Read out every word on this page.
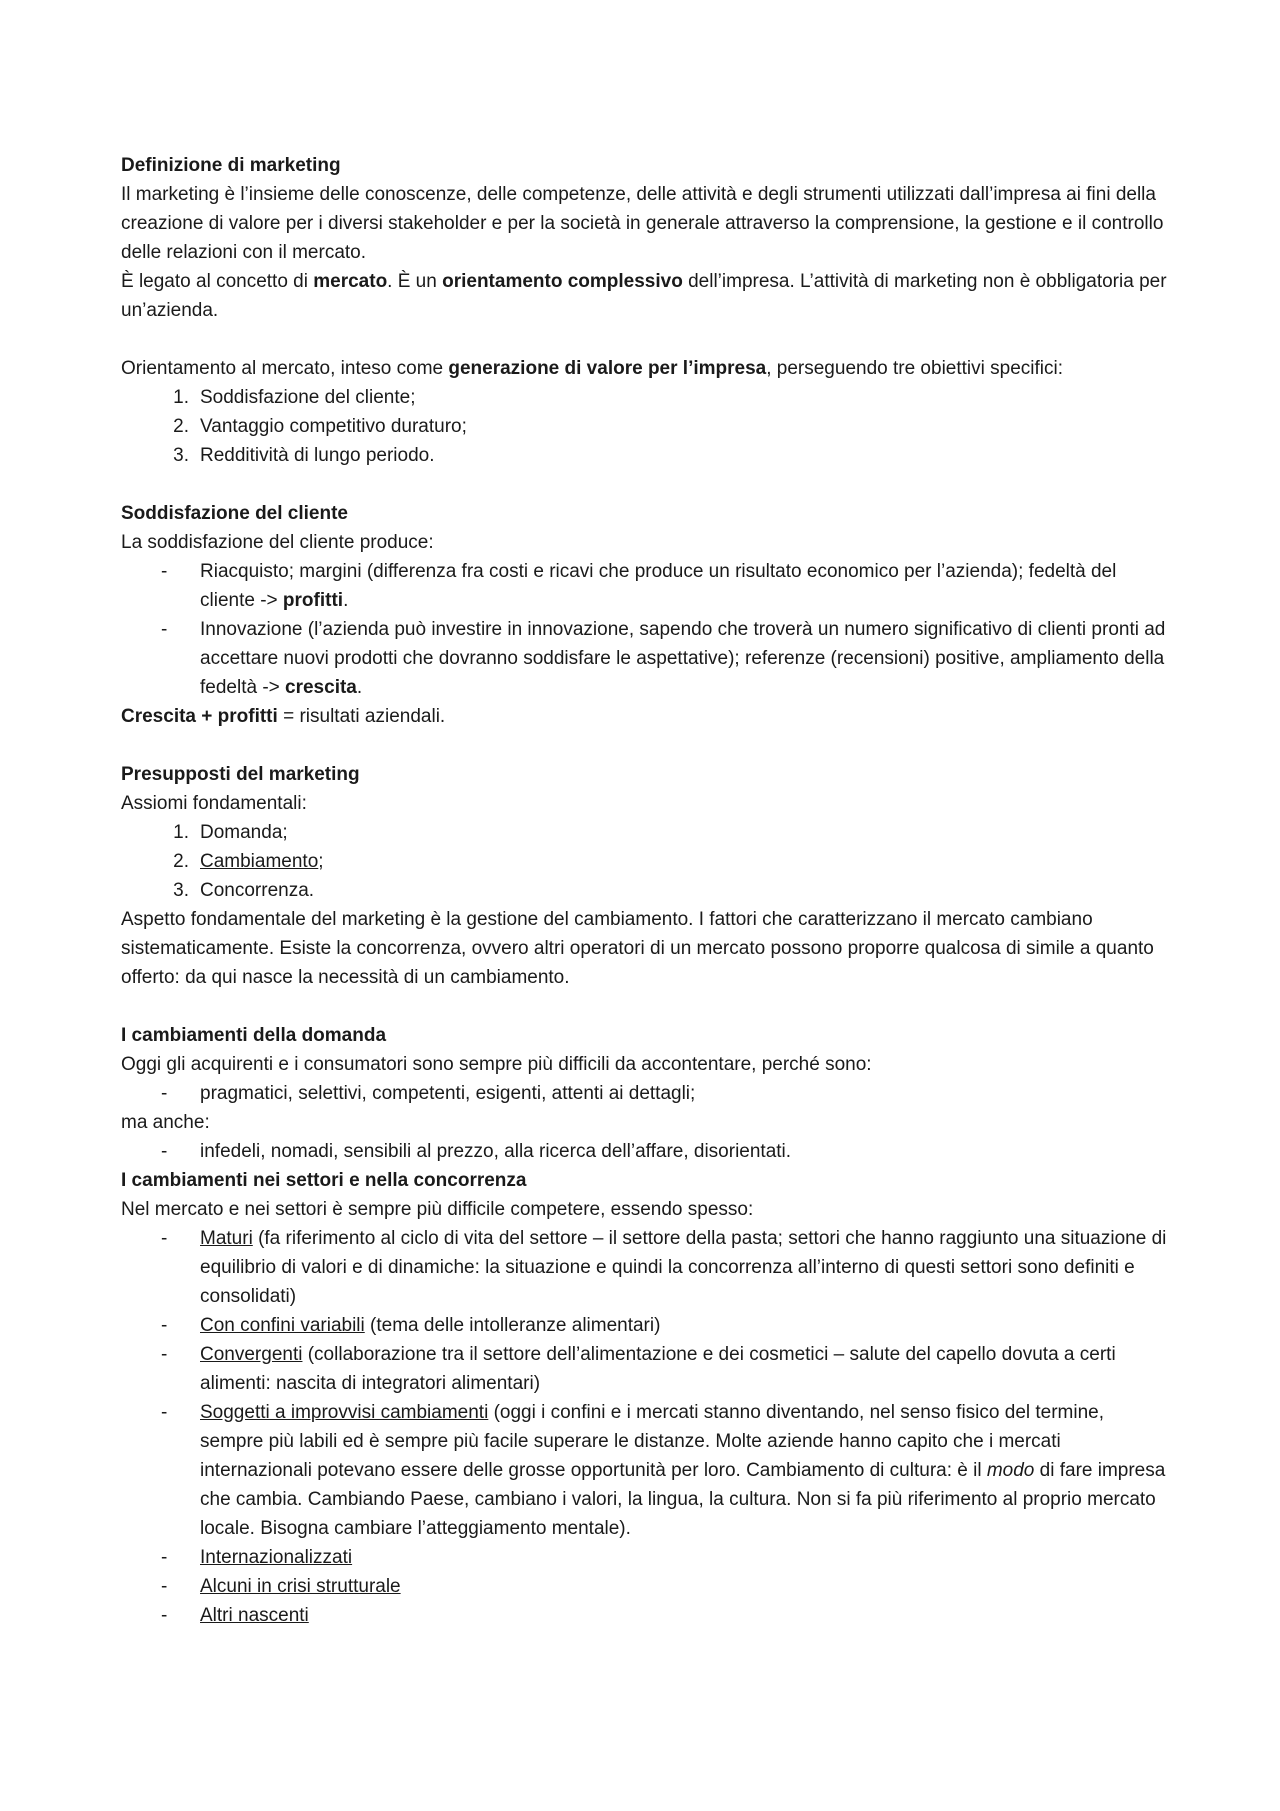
Definizione di marketing

Il marketing è l’insieme delle conoscenze, delle competenze, delle attività e degli strumenti utilizzati dall’impresa ai fini della creazione di valore per i diversi stakeholder e per la società in generale attraverso la comprensione, la gestione e il controllo delle relazioni con il mercato.

È legato al concetto di mercato. È un orientamento complessivo dell’impresa. L’attività di marketing non è obbligatoria per un’azienda.

Orientamento al mercato, inteso come generazione di valore per l’impresa, perseguendo tre obiettivi specifici:

1. Soddisfazione del cliente;
2. Vantaggio competitivo duraturo;
3. Redditività di lungo periodo.

Soddisfazione del cliente

La soddisfazione del cliente produce:

- Riacquisto; margini (differenza fra costi e ricavi che produce un risultato economico per l’azienda); fedeltà del cliente -> profitti.
- Innovazione (l’azienda può investire in innovazione, sapendo che troverà un numero significativo di clienti pronti ad accettare nuovi prodotti che dovranno soddisfare le aspettative); referenze (recensioni) positive, ampliamento della fedeltà -> crescita.

Crescita + profitti = risultati aziendali.

Presupposti del marketing

Assiomi fondamentali:

1. Domanda;
2. Cambiamento;
3. Concorrenza.

Aspetto fondamentale del marketing è la gestione del cambiamento. I fattori che caratterizzano il mercato cambiano sistematicamente. Esiste la concorrenza, ovvero altri operatori di un mercato possono proporre qualcosa di simile a quanto offerto: da qui nasce la necessità di un cambiamento.

I cambiamenti della domanda

Oggi gli acquirenti e i consumatori sono sempre più difficili da accontentare, perché sono:

- pragmatici, selettivi, competenti, esigenti, attenti ai dettagli;

ma anche:

- infedeli, nomadi, sensibili al prezzo, alla ricerca dell’affare, disorientati.

I cambiamenti nei settori e nella concorrenza

Nel mercato e nei settori è sempre più difficile competere, essendo spesso:

- Maturi (fa riferimento al ciclo di vita del settore – il settore della pasta; settori che hanno raggiunto una situazione di equilibrio di valori e di dinamiche: la situazione e quindi la concorrenza all’interno di questi settori sono definiti e consolidati)
- Con confini variabili (tema delle intolleranze alimentari)
- Convergenti (collaborazione tra il settore dell’alimentazione e dei cosmetici – salute del capello dovuta a certi alimenti: nascita di integratori alimentari)
- Soggetti a improvvisi cambiamenti (oggi i confini e i mercati stanno diventando, nel senso fisico del termine, sempre più labili ed è sempre più facile superare le distanze. Molte aziende hanno capito che i mercati internazionali potevano essere delle grosse opportunità per loro. Cambiamento di cultura: è il modo di fare impresa che cambia. Cambiando Paese, cambiano i valori, la lingua, la cultura. Non si fa più riferimento al proprio mercato locale. Bisogna cambiare l’atteggiamento mentale).
- Internazionalizzati
- Alcuni in crisi strutturale
- Altri nascenti
